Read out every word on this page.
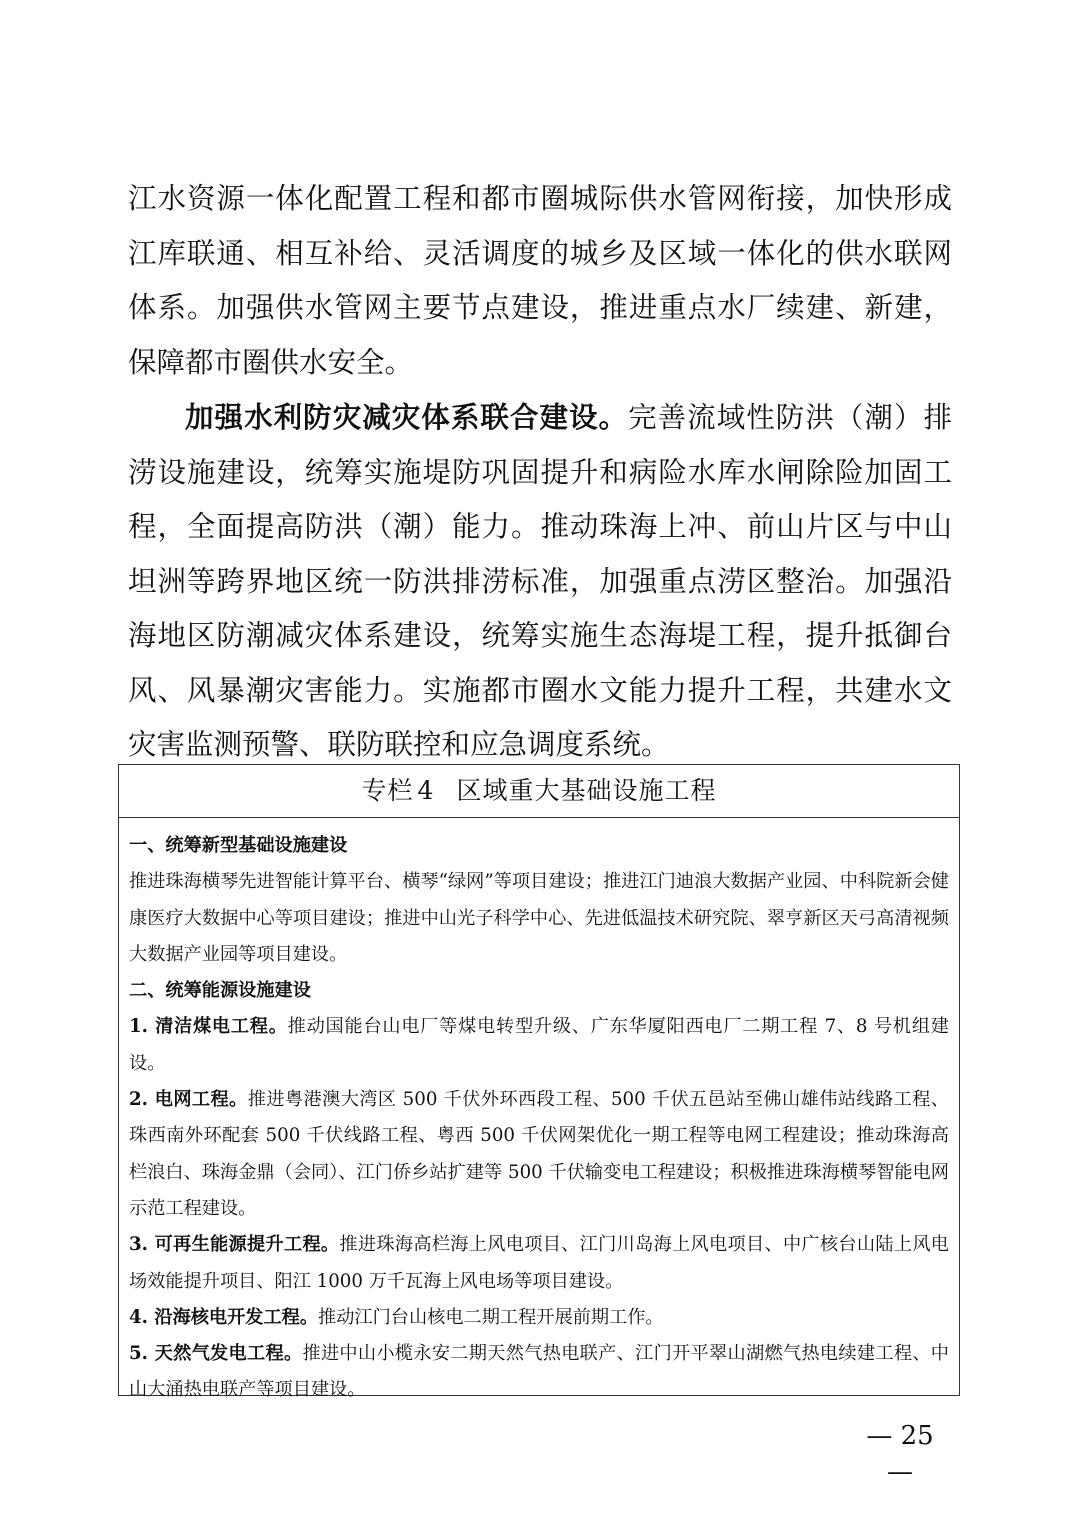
江水资源一体化配置工程和都市圈城际供水管网衔接，加快形成江库联通、相互补给、灵活调度的城乡及区域一体化的供水联网体系。加强供水管网主要节点建设，推进重点水厂续建、新建，保障都市圈供水安全。

加强水利防灾减灾体系联合建设。完善流域性防洪（潮）排涝设施建设，统筹实施堤防巩固提升和病险水库水闸除险加固工程，全面提高防洪（潮）能力。推动珠海上冲、前山片区与中山坦洲等跨界地区统一防洪排涝标准，加强重点涝区整治。加强沿海地区防潮减灾体系建设，统筹实施生态海堤工程，提升抵御台风、风暴潮灾害能力。实施都市圈水文能力提升工程，共建水文灾害监测预警、联防联控和应急调度系统。

专栏 4 区域重大基础设施工程

一、统筹新型基础设施建设

推进珠海横琴先进智能计算平台、横琴“绿网”等项目建设；推进江门迪浪大数据产业园、中科院新会健康医疗大数据中心等项目建设；推进中山光子科学中心、先进低温技术研究院、翠亨新区天弓高清视频大数据产业园等项目建设。

二、统筹能源设施建设

1. 清洁煤电工程。推动国能台山电厂等煤电转型升级、广东华厦阳西电厂二期工程 7、8 号机组建设。

2. 电网工程。推进粤港澳大湾区 500 千伏外环西段工程、500 千伏五邑站至佛山雄伟站线路工程、珠西南外环配套 500 千伏线路工程、粤西 500 千伏网架优化一期工程等电网工程建设；推动珠海高栏浪白、珠海金鼎（会同）、江门侨乡站扩建等 500 千伏输变电工程建设；积极推进珠海横琴智能电网示范工程建设。

3. 可再生能源提升工程。推进珠海高栏海上风电项目、江门川岛海上风电项目、中广核台山陆上风电场效能提升项目、阳江 1000 万千瓦海上风电场等项目建设。

4. 沿海核电开发工程。推动江门台山核电二期工程开展前期工作。

5. 天然气发电工程。推进中山小榄永安二期天然气热电联产、江门开平翠山湖燃气热电续建工程、中山大涌热电联产等项目建设。

— 25 —
